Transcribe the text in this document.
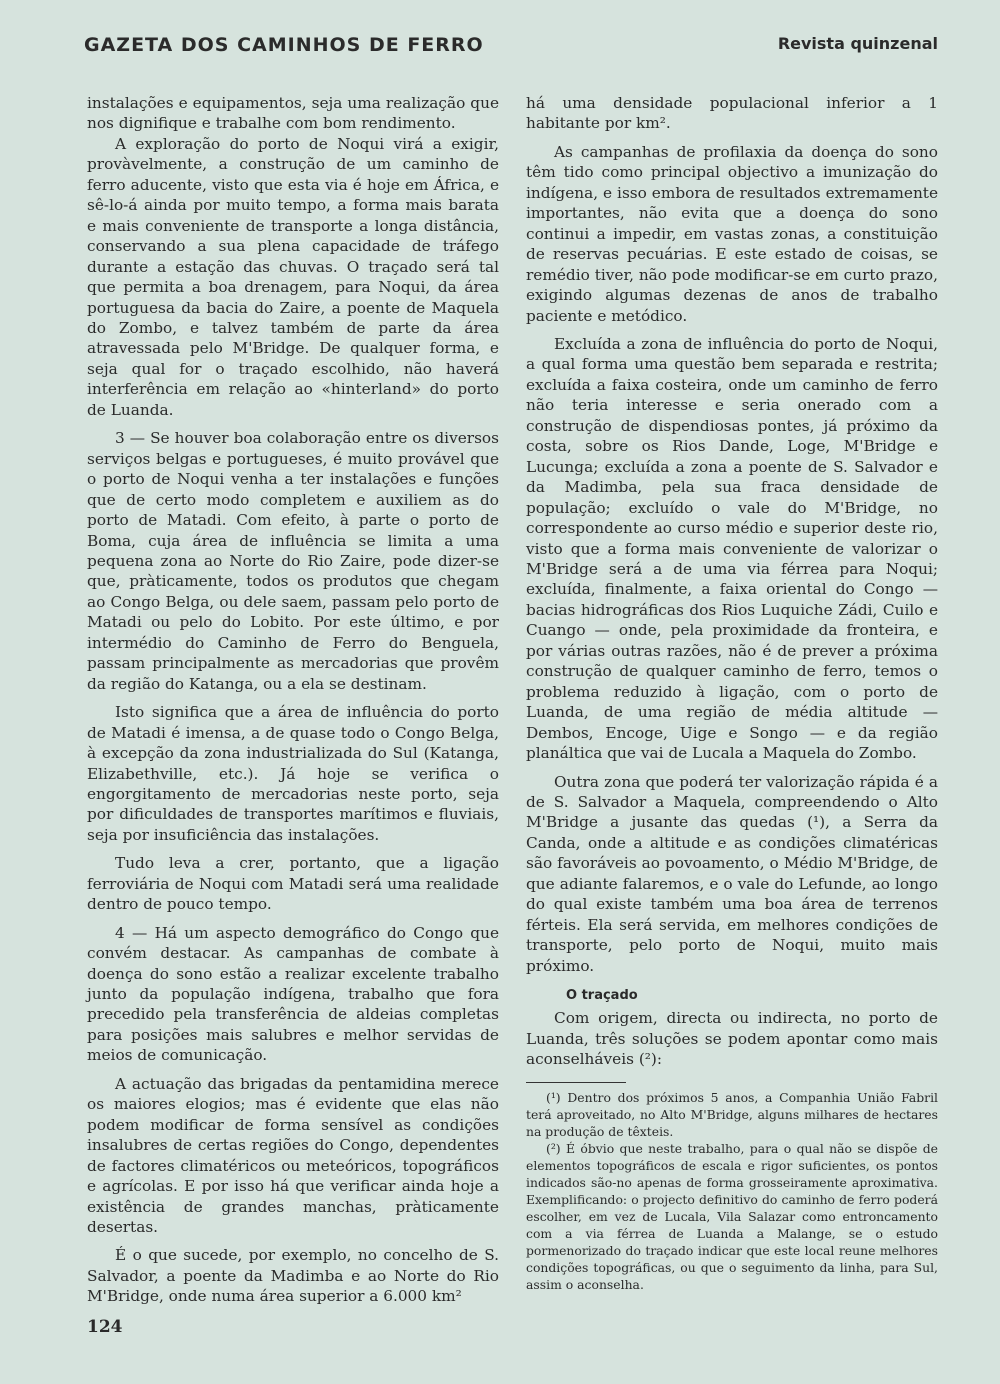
GAZETA DOS CAMINHOS DE FERRO	Revista quinzenal

instalações e equipamentos, seja uma realização que nos dignifique e trabalhe com bom rendimento.

A exploração do porto de Noqui virá a exigir, provàvelmente, a construção de um caminho de ferro aducente, visto que esta via é hoje em África, e sê-lo-á ainda por muito tempo, a forma mais barata e mais conveniente de transporte a longa distância, conservando a sua plena capacidade de tráfego durante a estação das chuvas. O traçado será tal que permita a boa drenagem, para Noqui, da área portuguesa da bacia do Zaire, a poente de Maquela do Zombo, e talvez também de parte da área atravessada pelo M'Bridge. De qualquer forma, e seja qual for o traçado escolhido, não haverá interferência em relação ao «hinterland» do porto de Luanda.

3 — Se houver boa colaboração entre os diversos serviços belgas e portugueses, é muito provável que o porto de Noqui venha a ter instalações e funções que de certo modo completem e auxiliem as do porto de Matadi. Com efeito, à parte o porto de Boma, cuja área de influência se limita a uma pequena zona ao Norte do Rio Zaire, pode dizer-se que, pràticamente, todos os produtos que chegam ao Congo Belga, ou dele saem, passam pelo porto de Matadi ou pelo do Lobito. Por este último, e por intermédio do Caminho de Ferro do Benguela, passam principalmente as mercadorias que provêm da região do Katanga, ou a ela se destinam.

Isto significa que a área de influência do porto de Matadi é imensa, a de quase todo o Congo Belga, à excepção da zona industrializada do Sul (Katanga, Elizabethville, etc.). Já hoje se verifica o engorgitamento de mercadorias neste porto, seja por dificuldades de transportes marítimos e fluviais, seja por insuficiência das instalações.

Tudo leva a crer, portanto, que a ligação ferroviária de Noqui com Matadi será uma realidade dentro de pouco tempo.

4 — Há um aspecto demográfico do Congo que convém destacar. As campanhas de combate à doença do sono estão a realizar excelente trabalho junto da população indígena, trabalho que fora precedido pela transferência de aldeias completas para posições mais salubres e melhor servidas de meios de comunicação.

A actuação das brigadas da pentamidina merece os maiores elogios; mas é evidente que elas não podem modificar de forma sensível as condições insalubres de certas regiões do Congo, dependentes de factores climatéricos ou meteóricos, topográficos e agrícolas. E por isso há que verificar ainda hoje a existência de grandes manchas, pràticamente desertas.

É o que sucede, por exemplo, no concelho de S. Salvador, a poente da Madimba e ao Norte do Rio M'Bridge, onde numa área superior a 6.000 km²

há uma densidade populacional inferior a 1 habitante por km².

As campanhas de profilaxia da doença do sono têm tido como principal objectivo a imunização do indígena, e isso embora de resultados extremamente importantes, não evita que a doença do sono continui a impedir, em vastas zonas, a constituição de reservas pecuárias. E este estado de coisas, se remédio tiver, não pode modificar-se em curto prazo, exigindo algumas dezenas de anos de trabalho paciente e metódico.

Excluída a zona de influência do porto de Noqui, a qual forma uma questão bem separada e restrita; excluída a faixa costeira, onde um caminho de ferro não teria interesse e seria onerado com a construção de dispendiosas pontes, já próximo da costa, sobre os Rios Dande, Loge, M'Bridge e Lucunga; excluída a zona a poente de S. Salvador e da Madimba, pela sua fraca densidade de população; excluído o vale do M'Bridge, no correspondente ao curso médio e superior deste rio, visto que a forma mais conveniente de valorizar o M'Bridge será a de uma via férrea para Noqui; excluída, finalmente, a faixa oriental do Congo — bacias hidrográficas dos Rios Luquiche Zádi, Cuilo e Cuango — onde, pela proximidade da fronteira, e por várias outras razões, não é de prever a próxima construção de qualquer caminho de ferro, temos o problema reduzido à ligação, com o porto de Luanda, de uma região de média altitude — Dembos, Encoge, Uige e Songo — e da região planáltica que vai de Lucala a Maquela do Zombo.

Outra zona que poderá ter valorização rápida é a de S. Salvador a Maquela, compreendendo o Alto M'Bridge a jusante das quedas (¹), a Serra da Canda, onde a altitude e as condições climatéricas são favoráveis ao povoamento, o Médio M'Bridge, de que adiante falaremos, e o vale do Lefunde, ao longo do qual existe também uma boa área de terrenos férteis. Ela será servida, em melhores condições de transporte, pelo porto de Noqui, muito mais próximo.

O traçado

Com origem, directa ou indirecta, no porto de Luanda, três soluções se podem apontar como mais aconselháveis (²):

(¹) Dentro dos próximos 5 anos, a Companhia União Fabril terá aproveitado, no Alto M'Bridge, alguns milhares de hectares na produção de têxteis.

(²) É óbvio que neste trabalho, para o qual não se dispõe de elementos topográficos de escala e rigor suficientes, os pontos indicados são-no apenas de forma grosseiramente aproximativa. Exemplificando: o projecto definitivo do caminho de ferro poderá escolher, em vez de Lucala, Vila Salazar como entroncamento com a via férrea de Luanda a Malange, se o estudo pormenorizado do traçado indicar que este local reune melhores condições topográficas, ou que o seguimento da linha, para Sul, assim o aconselha.

124
